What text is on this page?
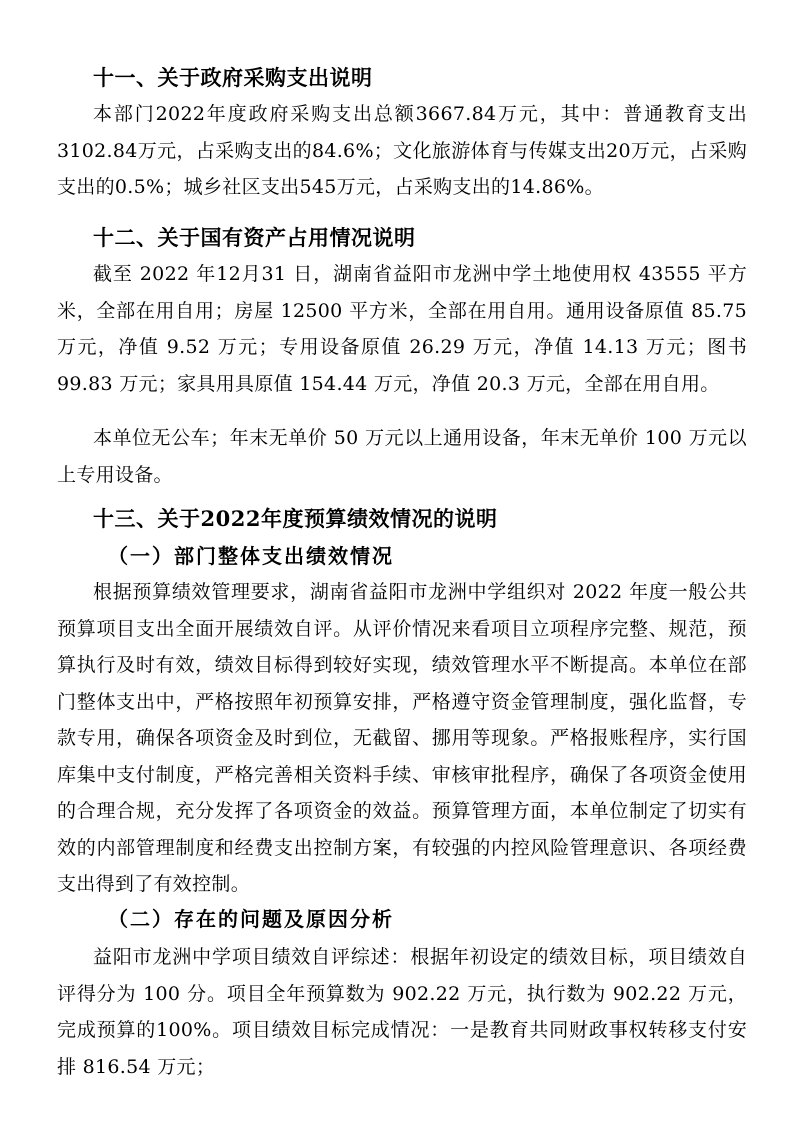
十一、关于政府采购支出说明

本部门2022年度政府采购支出总额3667.84万元，其中：普通教育支出3102.84万元，占采购支出的84.6%；文化旅游体育与传媒支出20万元，占采购支出的0.5%；城乡社区支出545万元，占采购支出的14.86%。

十二、关于国有资产占用情况说明

截至 2022 年12月31 日，湖南省益阳市龙洲中学土地使用权 43555 平方米，全部在用自用；房屋 12500 平方米，全部在用自用。通用设备原值 85.75 万元，净值 9.52 万元；专用设备原值 26.29 万元，净值 14.13 万元；图书 99.83 万元；家具用具原值 154.44 万元，净值 20.3 万元，全部在用自用。

本单位无公车；年末无单价 50 万元以上通用设备，年末无单价 100 万元以上专用设备。

十三、关于2022年度预算绩效情况的说明
（一）部门整体支出绩效情况

根据预算绩效管理要求，湖南省益阳市龙洲中学组织对 2022 年度一般公共预算项目支出全面开展绩效自评。从评价情况来看项目立项程序完整、规范，预算执行及时有效，绩效目标得到较好实现，绩效管理水平不断提高。本单位在部门整体支出中，严格按照年初预算安排，严格遵守资金管理制度，强化监督，专款专用，确保各项资金及时到位，无截留、挪用等现象。严格报账程序，实行国库集中支付制度，严格完善相关资料手续、审核审批程序，确保了各项资金使用的合理合规，充分发挥了各项资金的效益。预算管理方面，本单位制定了切实有效的内部管理制度和经费支出控制方案，有较强的内控风险管理意识、各项经费支出得到了有效控制。

（二）存在的问题及原因分析

益阳市龙洲中学项目绩效自评综述：根据年初设定的绩效目标，项目绩效自评得分为 100 分。项目全年预算数为 902.22 万元，执行数为 902.22 万元，完成预算的100%。项目绩效目标完成情况：一是教育共同财政事权转移支付安排 816.54 万元；
